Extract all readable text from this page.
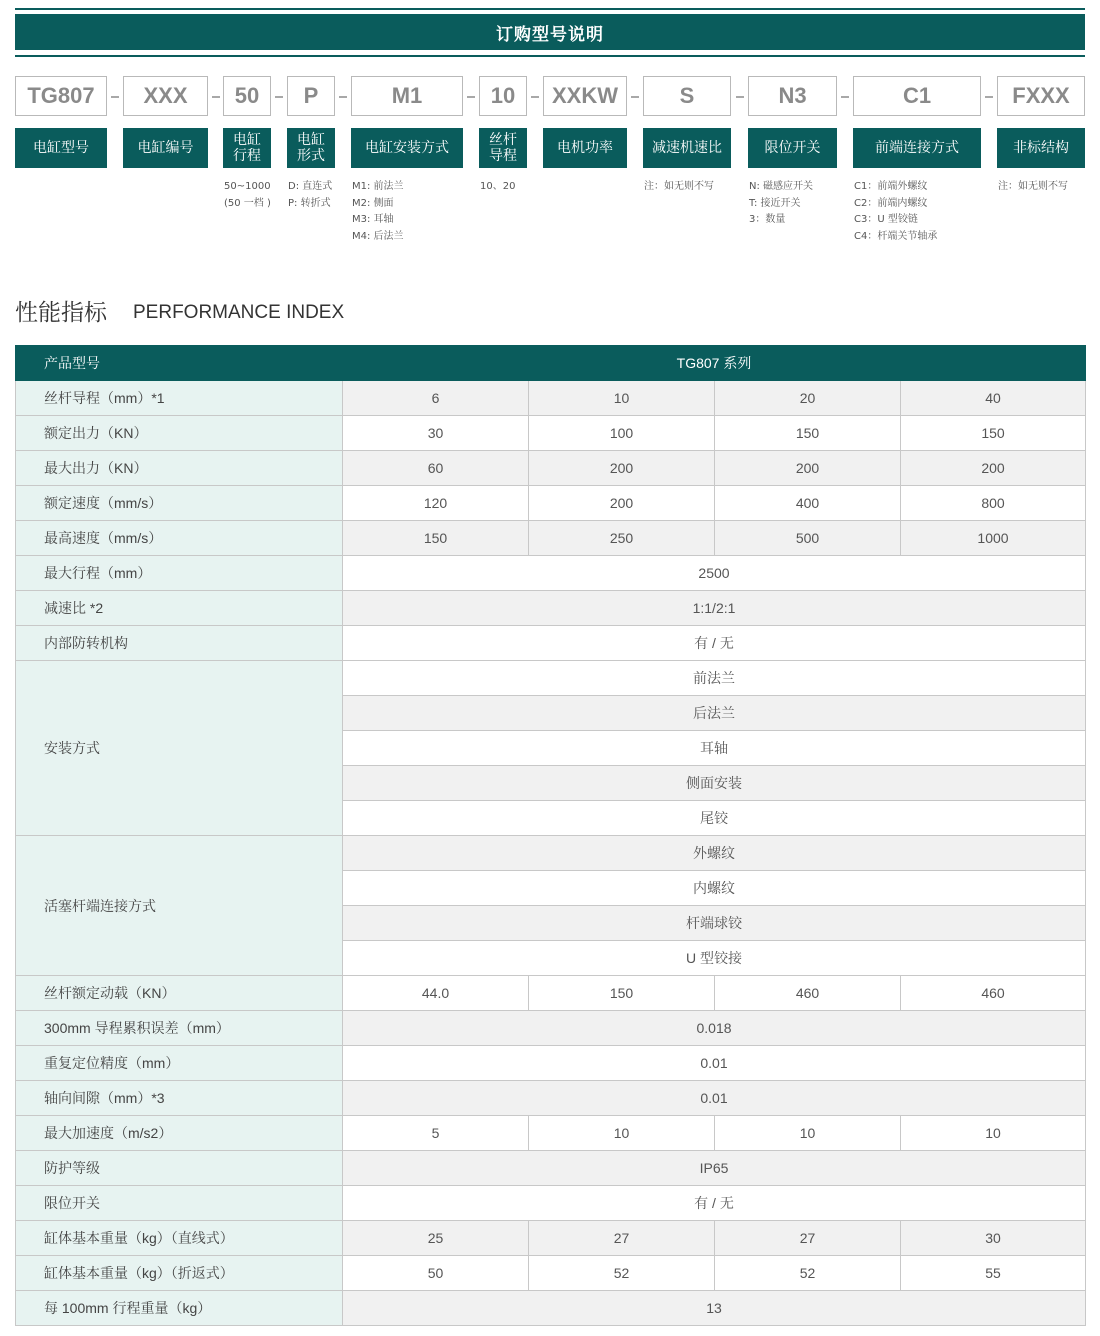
订购型号说明
TG807
电缸型号
XXX
电缸编号
50
电缸
行程
50~1000
(50 一档 )
P
电缸
形式
D: 直连式
P: 转折式
M1
电缸安装方式
M1: 前法兰
M2: 侧面
M3: 耳轴
M4: 后法兰
10
丝杆
导程
10、20
XXKW
电机功率
S
减速机速比
注：如无则不写
N3
限位开关
N: 磁感应开关
T: 接近开关
3：数量
C1
前端连接方式
C1：前端外螺纹
C2：前端内螺纹
C3：U 型铰链
C4：杆端关节轴承
FXXX
非标结构
注：如无则不写
性能指标 PERFORMANCE INDEX
产品型号	TG807 系列			
丝杆导程（mm）*1	6	10	20	40
额定出力（KN）	30	100	150	150
最大出力（KN）	60	200	200	200
额定速度（mm/s）	120	200	400	800
最高速度（mm/s）	150	250	500	1000
最大行程（mm）	2500			
减速比 *2	1:1/2:1			
内部防转机构	有 / 无			
安装方式	前法兰			
	后法兰			
	耳轴			
	侧面安装			
	尾铰			
活塞杆端连接方式	外螺纹			
	内螺纹			
	杆端球铰			
	U 型铰接			
丝杆额定动载（KN）	44.0	150	460	460
300mm 导程累积误差（mm）	0.018			
重复定位精度（mm）	0.01			
轴向间隙（mm）*3	0.01			
最大加速度（m/s2）	5	10	10	10
防护等级	IP65			
限位开关	有 / 无			
缸体基本重量（kg）（直线式）	25	27	27	30
缸体基本重量（kg）（折返式）	50	52	52	55
每 100mm 行程重量（kg）	13			
